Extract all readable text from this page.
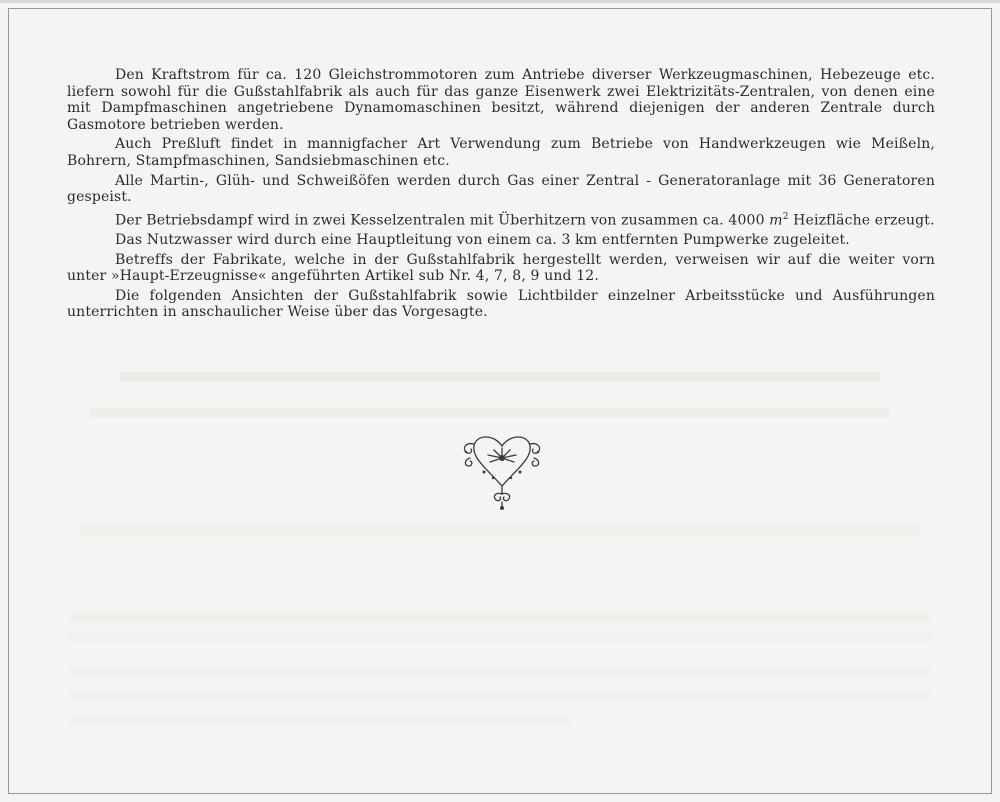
Den Kraftstrom für ca. 120 Gleichstrommotoren zum Antriebe diverser Werkzeugmaschinen, Hebezeuge etc. liefern sowohl für die Gußstahlfabrik als auch für das ganze Eisenwerk zwei Elektrizitäts-Zentralen, von denen eine mit Dampfmaschinen angetriebene Dynamomaschinen besitzt, während diejenigen der anderen Zentrale durch Gasmotore betrieben werden.

Auch Preßluft findet in mannigfacher Art Verwendung zum Betriebe von Handwerkzeugen wie Meißeln, Bohrern, Stampfmaschinen, Sandsiebmaschinen etc.

Alle Martin-, Glüh- und Schweißöfen werden durch Gas einer Zentral - Generatoranlage mit 36 Generatoren gespeist.

Der Betriebsdampf wird in zwei Kesselzentralen mit Überhitzern von zusammen ca. 4000 $m^2$ Heizfläche erzeugt.

Das Nutzwasser wird durch eine Hauptleitung von einem ca. 3 km entfernten Pumpwerke zugeleitet.

Betreffs der Fabrikate, welche in der Gußstahlfabrik hergestellt werden, verweisen wir auf die weiter vorn unter »Haupt-Erzeugnisse« angeführten Artikel sub Nr. 4, 7, 8, 9 und 12.

Die folgenden Ansichten der Gußstahlfabrik sowie Lichtbilder einzelner Arbeitsstücke und Ausführungen unterrichten in anschaulicher Weise über das Vorgesagte.
